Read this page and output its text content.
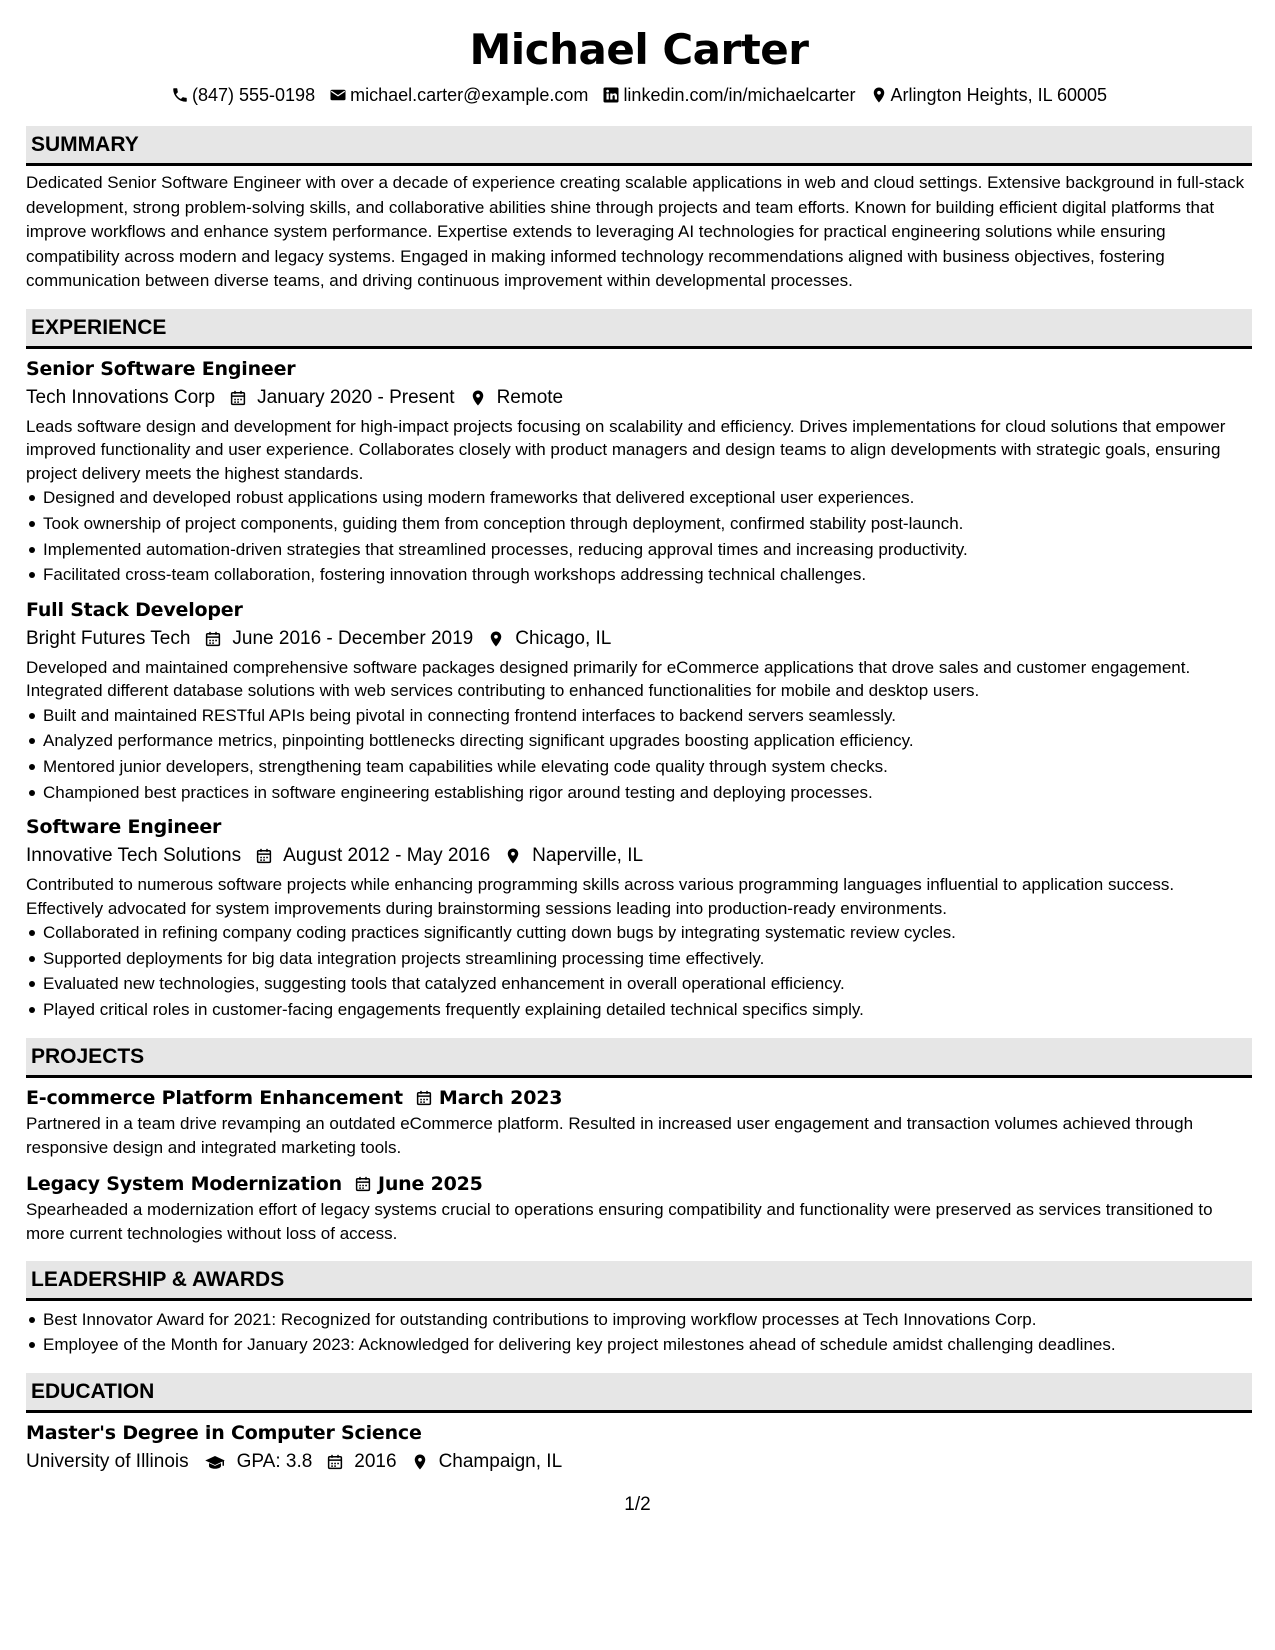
Michael Carter
(847) 555-0198 michael.carter@example.com linkedin.com/in/michaelcarter Arlington Heights, IL 60005
SUMMARY
Dedicated Senior Software Engineer with over a decade of experience creating scalable applications in web and cloud settings. Extensive background in full-stack development, strong problem-solving skills, and collaborative abilities shine through projects and team efforts. Known for building efficient digital platforms that improve workflows and enhance system performance. Expertise extends to leveraging AI technologies for practical engineering solutions while ensuring compatibility across modern and legacy systems. Engaged in making informed technology recommendations aligned with business objectives, fostering communication between diverse teams, and driving continuous improvement within developmental processes.
EXPERIENCE
Senior Software Engineer
Tech Innovations Corp January 2020 - Present Remote
Leads software design and development for high-impact projects focusing on scalability and efficiency. Drives implementations for cloud solutions that empower improved functionality and user experience. Collaborates closely with product managers and design teams to align developments with strategic goals, ensuring project delivery meets the highest standards.
Designed and developed robust applications using modern frameworks that delivered exceptional user experiences.
Took ownership of project components, guiding them from conception through deployment, confirmed stability post-launch.
Implemented automation-driven strategies that streamlined processes, reducing approval times and increasing productivity.
Facilitated cross-team collaboration, fostering innovation through workshops addressing technical challenges.
Full Stack Developer
Bright Futures Tech June 2016 - December 2019 Chicago, IL
Developed and maintained comprehensive software packages designed primarily for eCommerce applications that drove sales and customer engagement. Integrated different database solutions with web services contributing to enhanced functionalities for mobile and desktop users.
Built and maintained RESTful APIs being pivotal in connecting frontend interfaces to backend servers seamlessly.
Analyzed performance metrics, pinpointing bottlenecks directing significant upgrades boosting application efficiency.
Mentored junior developers, strengthening team capabilities while elevating code quality through system checks.
Championed best practices in software engineering establishing rigor around testing and deploying processes.
Software Engineer
Innovative Tech Solutions August 2012 - May 2016 Naperville, IL
Contributed to numerous software projects while enhancing programming skills across various programming languages influential to application success. Effectively advocated for system improvements during brainstorming sessions leading into production-ready environments.
Collaborated in refining company coding practices significantly cutting down bugs by integrating systematic review cycles.
Supported deployments for big data integration projects streamlining processing time effectively.
Evaluated new technologies, suggesting tools that catalyzed enhancement in overall operational efficiency.
Played critical roles in customer-facing engagements frequently explaining detailed technical specifics simply.
PROJECTS
E-commerce Platform Enhancement March 2023
Partnered in a team drive revamping an outdated eCommerce platform. Resulted in increased user engagement and transaction volumes achieved through responsive design and integrated marketing tools.
Legacy System Modernization June 2025
Spearheaded a modernization effort of legacy systems crucial to operations ensuring compatibility and functionality were preserved as services transitioned to more current technologies without loss of access.
LEADERSHIP & AWARDS
Best Innovator Award for 2021: Recognized for outstanding contributions to improving workflow processes at Tech Innovations Corp.
Employee of the Month for January 2023: Acknowledged for delivering key project milestones ahead of schedule amidst challenging deadlines.
EDUCATION
Master's Degree in Computer Science
University of Illinois	GPA: 3.8 2016 Champaign, IL
1/2
